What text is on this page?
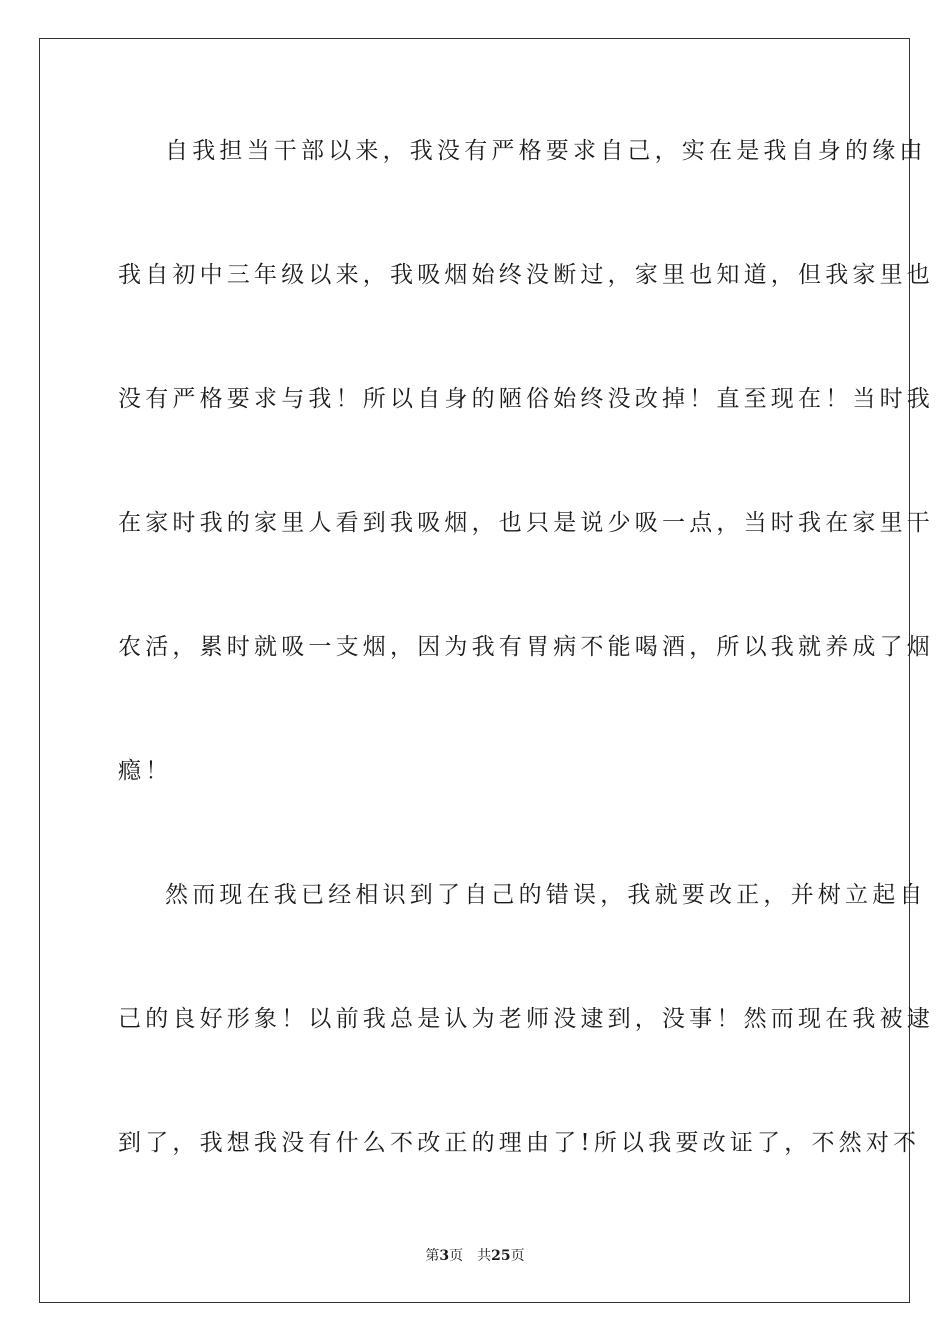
自我担当干部以来，我没有严格要求自己，实在是我自身的缘由
我自初中三年级以来，我吸烟始终没断过，家里也知道，但我家里也
没有严格要求与我！所以自身的陋俗始终没改掉！直至现在！当时我
在家时我的家里人看到我吸烟，也只是说少吸一点，当时我在家里干
农活，累时就吸一支烟，因为我有胃病不能喝酒，所以我就养成了烟
瘾！
然而现在我已经相识到了自己的错误，我就要改正，并树立起自
己的良好形象！以前我总是认为老师没逮到，没事！然而现在我被逮
到了，我想我没有什么不改正的理由了!所以我要改证了，不然对不
第3页 共25页
